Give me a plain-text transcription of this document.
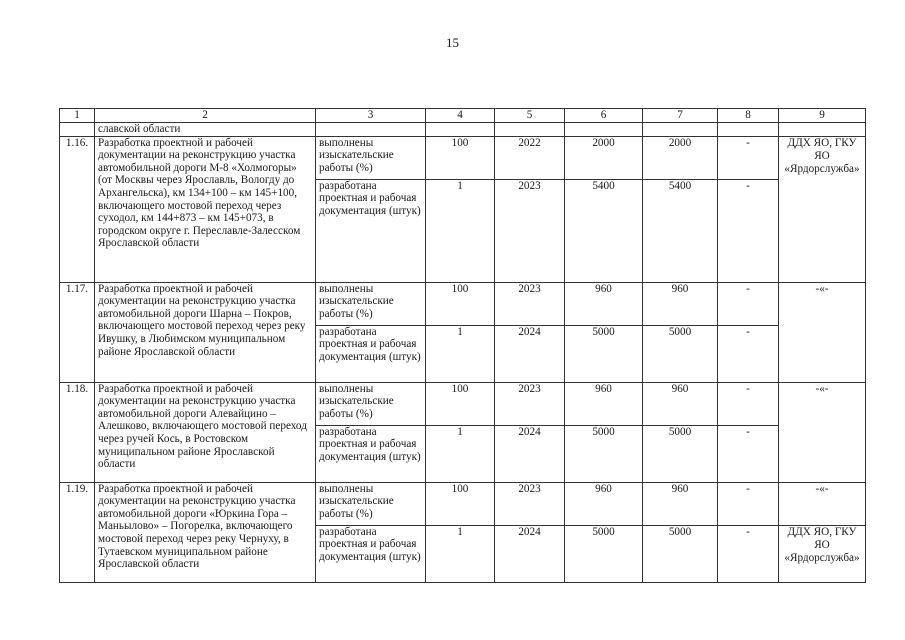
15
1	2	3	4	5	6	7	8	9
	славской области							
1.16.	Разработка проектной и рабочей документации на реконструкцию участка автомобильной дороги М-8 «Холмогоры» (от Москвы через Ярославль, Вологду до Архангельска), км 134+100 – км 145+100, включающего мостовой переход через суходол, км 144+873 – км 145+073, в городском округе г. Переславле-Залесском Ярославской области	выполнены изыскательские работы (%)	100	2022	2000	2000	-	ДДХ ЯО, ГКУ ЯО «Ярдорслужба»
		разработана проектная и рабочая документация (штук)	1	2023	5400	5400	-	
1.17.	Разработка проектной и рабочей документации на реконструкцию участка автомобильной дороги Шарна – Покров, включающего мостовой переход через реку Ивушку, в Любимском муниципальном районе Ярославской области	выполнены изыскательские работы (%)	100	2023	960	960	-	-«-
		разработана проектная и рабочая документация (штук)	1	2024	5000	5000	-	
1.18.	Разработка проектной и рабочей документации на реконструкцию участка автомобильной дороги Алевайцино – Алешково, включающего мостовой переход через ручей Кось, в Ростовском муниципальном районе Ярославской области	выполнены изыскательские работы (%)	100	2023	960	960	-	-«-
		разработана проектная и рабочая документация (штук)	1	2024	5000	5000	-	
1.19.	Разработка проектной и рабочей документации на реконструкцию участка автомобильной дороги «Юркина Гора – Маньылово» – Погорелка, включающего мостовой переход через реку Чернуху, в Тутаевском муниципальном районе Ярославской области	выполнены изыскательские работы (%)	100	2023	960	960	-	-«-
		разработана проектная и рабочая документация (штук)	1	2024	5000	5000	-	ДДХ ЯО, ГКУ ЯО «Ярдорслужба»
